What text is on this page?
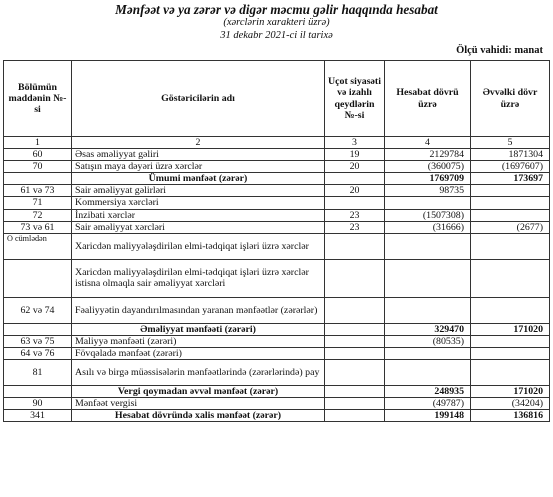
Mənfəət və ya zərər və digər məcmu gəlir haqqında hesabat
(xərclərin xarakteri üzrə)
31 dekabr 2021-ci il tarixə
Ölçü vahidi: manat
Bölümün maddənin №-si	Göstəricilərin adı	Uçot siyasəti və izahlı qeydlərin №-si	Hesabat dövrü üzrə	Əvvəlki dövr üzrə
1	2	3	4	5
60	Əsas əməliyyat gəliri	19	2129784	1871304
70	Satışın maya dəyəri üzrə xərclər	20	(360075)	(1697607)
	Ümumi mənfəət (zərər)		1769709	173697
61 və 73	Sair əməliyyat gəlirləri	20	98735	
71	Kommersiya xərcləri			
72	İnzibati xərclər	23	(1507308)	
73 və 61	Sair əməliyyat xərcləri	23	(31666)	(2677)
O cümlədən	Xaricdən maliyyələşdirilən elmi-tədqiqat işləri üzrə xərclər			
	Xaricdən maliyyələşdirilən elmi-tədqiqat işləri üzrə xərclər istisna olmaqla sair əməliyyat xərcləri			
62 və 74	Fəaliyyətin dayandırılmasından yaranan mənfəətlər (zərərlər)			
	Əməliyyat mənfəəti (zərəri)		329470	171020
63 və 75	Maliyyə mənfəəti (zərəri)		(80535)	
64 və 76	Fövqəladə mənfəət (zərəri)			
81	Asılı və birgə müəssisələrin mənfəətlərində (zərərlərində) pay			
	Vergi qoymadan əvvəl mənfəət (zərər)		248935	171020
90	Mənfəət vergisi		(49787)	(34204)
341	Hesabat dövründə xalis mənfəət (zərər)		199148	136816
